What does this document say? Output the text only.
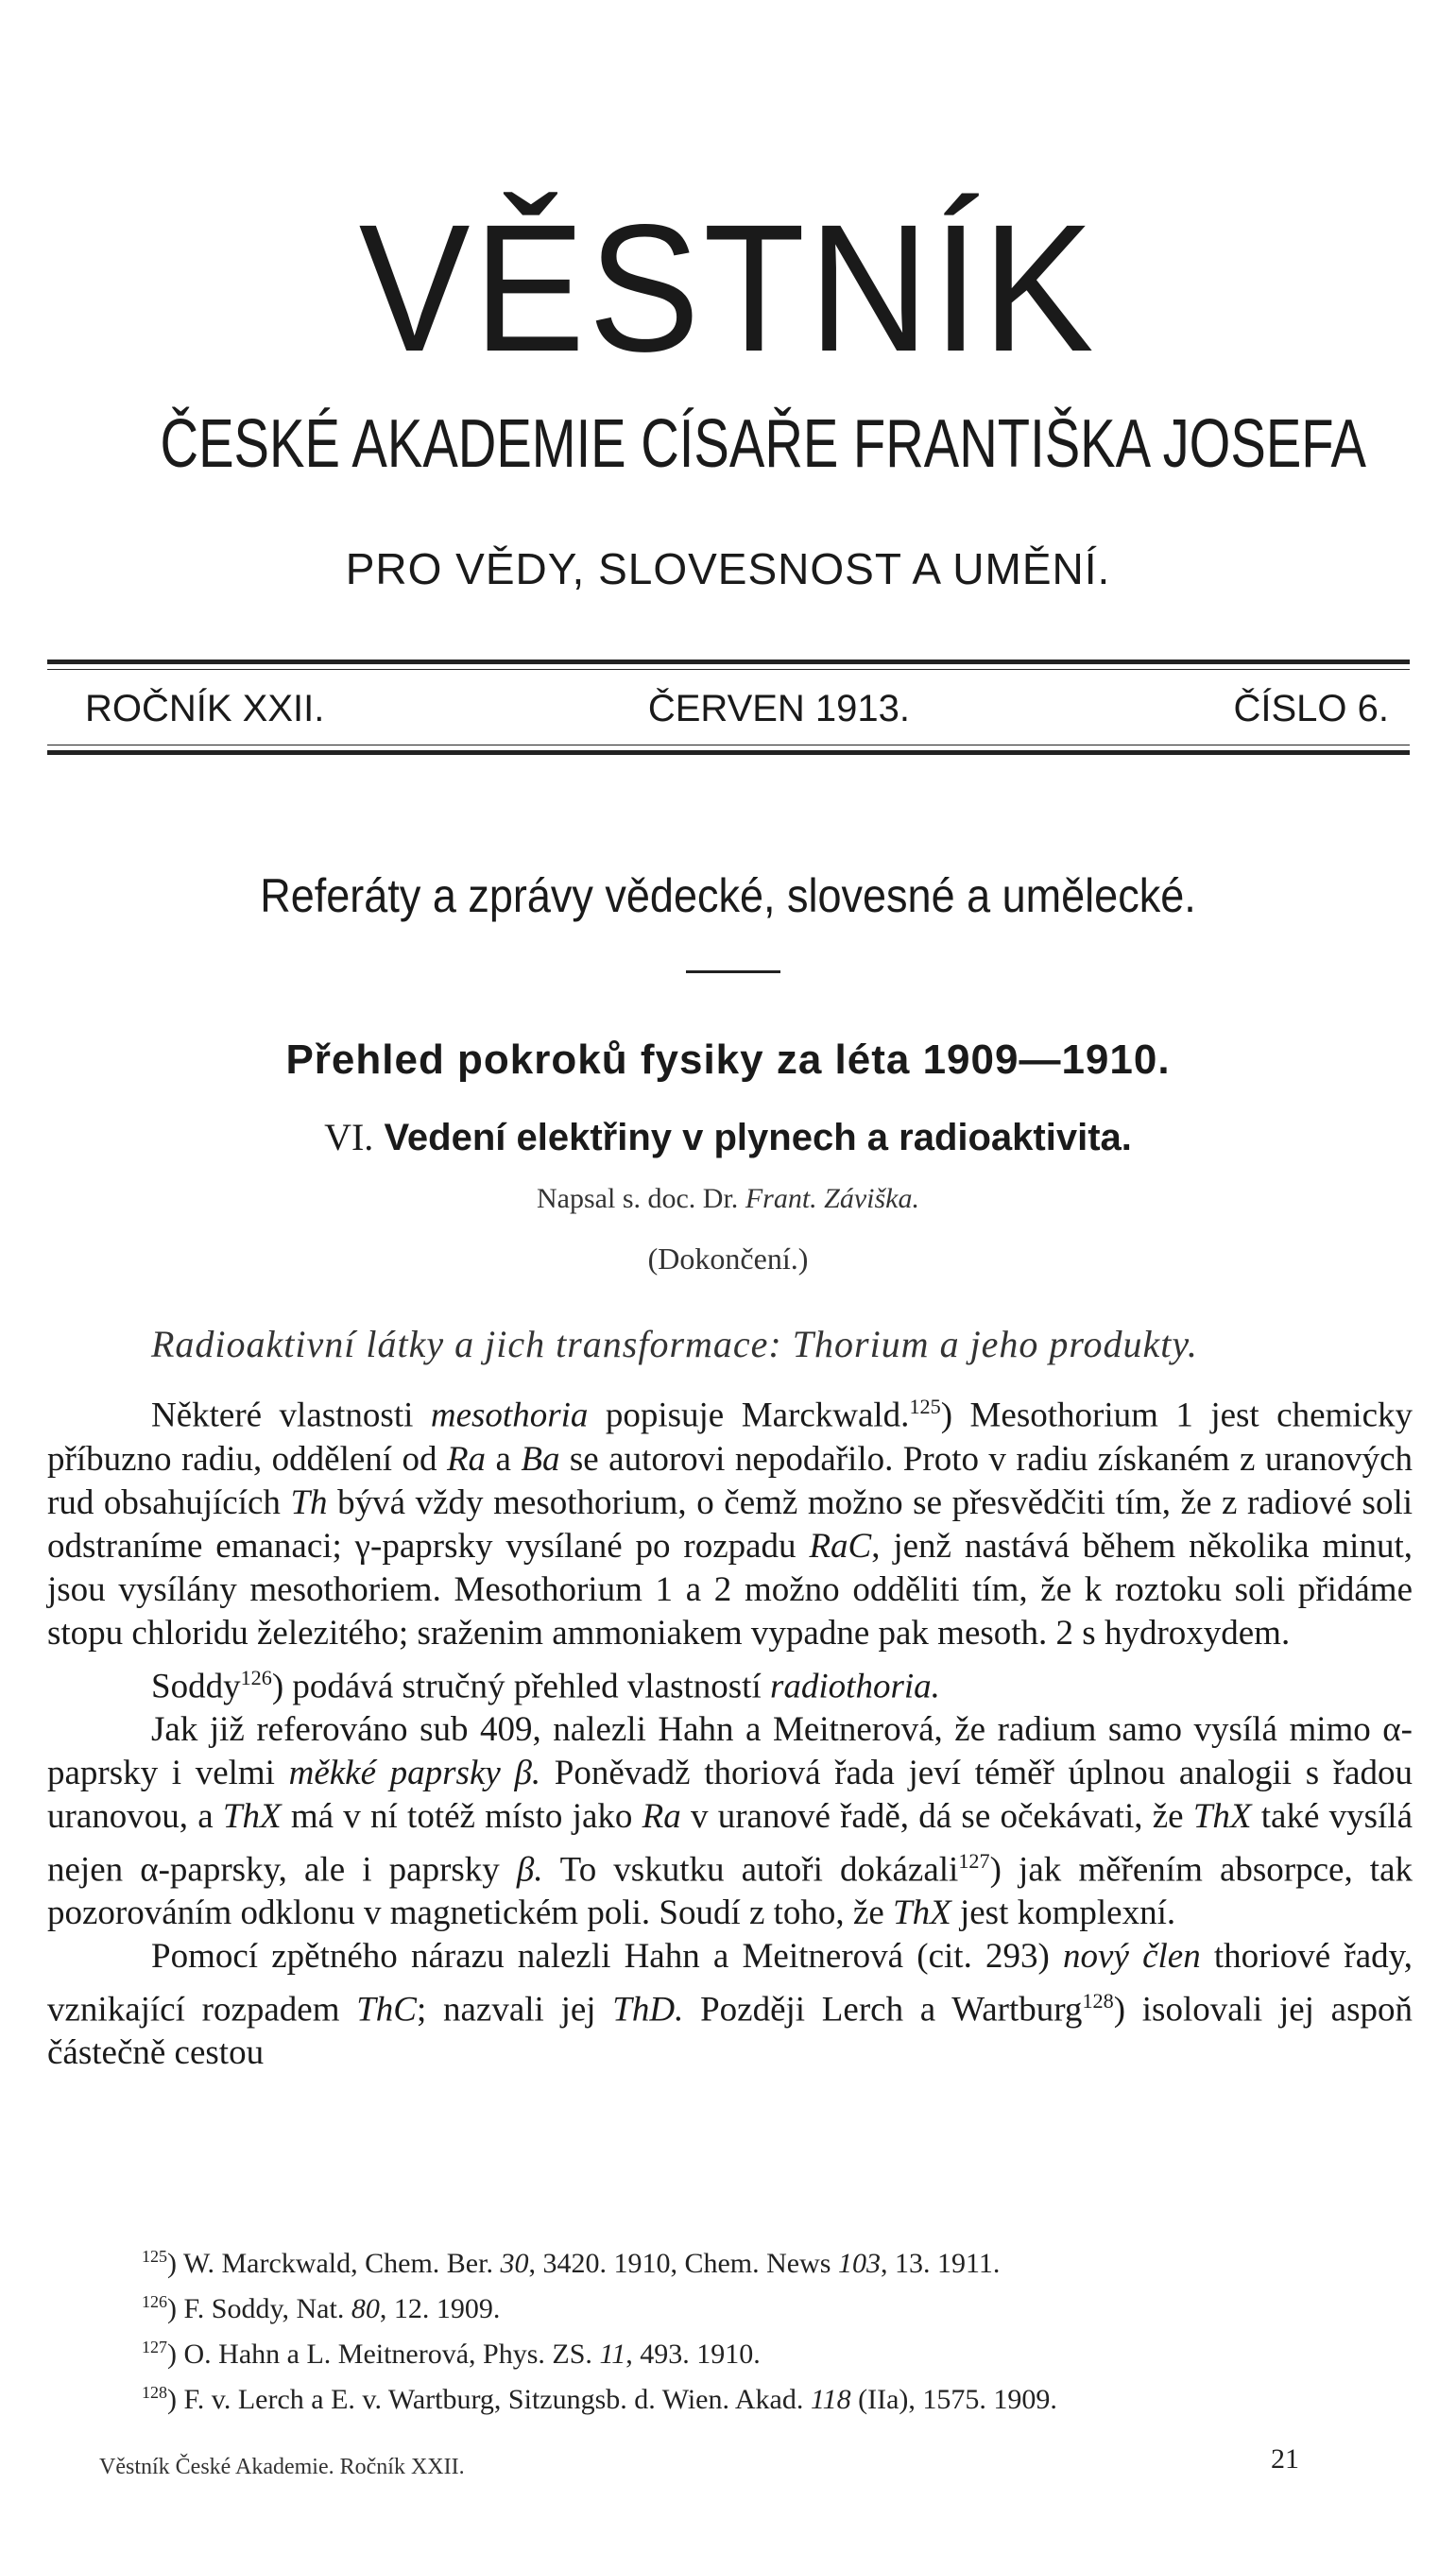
VĚSTNÍK
ČESKÉ AKADEMIE CÍSAŘE FRANTIŠKA JOSEFA
PRO VĚDY, SLOVESNOST A UMĚNÍ.
ROČNÍK XXII.	ČERVEN 1913.	ČÍSLO 6.
Referáty a zprávy vědecké, slovesné a umělecké.
Přehled pokroků fysiky za léta 1909—1910.
VI. Vedení elektřiny v plynech a radioaktivita.
Napsal s. doc. Dr. Frant. Záviška.
(Dokončení.)
Radioaktivní látky a jich transformace: Thorium a jeho produkty.

Některé vlastnosti mesothoria popisuje Marckwald.$^{125}$) Mesothorium 1 jest chemicky příbuzno radiu, oddělení od Ra a Ba se autorovi nepodařilo. Proto v radiu získaném z uranových rud obsahujících Th bývá vždy mesothorium, o čemž možno se přesvědčiti tím, že z radiové soli odstraníme emanaci; γ-paprsky vysílané po rozpadu RaC, jenž nastává během několika minut, jsou vysílány mesothoriem. Mesothorium 1 a 2 možno odděliti tím, že k roztoku soli přidáme stopu chloridu železitého; sraženim ammoniakem vypadne pak mesoth. 2 s hydroxydem.

Soddy$^{126}$) podává stručný přehled vlastností radiothoria.

Jak již referováno sub 409, nalezli Hahn a Meitnerová, že radium samo vysílá mimo α-paprsky i velmi měkké paprsky β. Poněvadž thoriová řada jeví téměř úplnou analogii s řadou uranovou, a ThX má v ní totéž místo jako Ra v uranové řadě, dá se očekávati, že ThX také vysílá nejen α-paprsky, ale i paprsky β. To vskutku autoři dokázali$^{127}$) jak měřením absorpce, tak pozorováním odklonu v magnetickém poli. Soudí z toho, že ThX jest komplexní.

Pomocí zpětného nárazu nalezli Hahn a Meitnerová (cit. 293) nový člen thoriové řady, vznikající rozpadem ThC; nazvali jej ThD. Později Lerch a Wartburg$^{128}$) isolovali jej aspoň částečně cestou

$^{125}$) W. Marckwald, Chem. Ber. 30, 3420. 1910, Chem. News 103, 13. 1911.

$^{126}$) F. Soddy, Nat. 80, 12. 1909.

$^{127}$) O. Hahn a L. Meitnerová, Phys. ZS. 11, 493. 1910.

$^{128}$) F. v. Lerch a E. v. Wartburg, Sitzungsb. d. Wien. Akad. 118 (IIa), 1575. 1909.

Věstník České Akademie. Ročník XXII.	21
